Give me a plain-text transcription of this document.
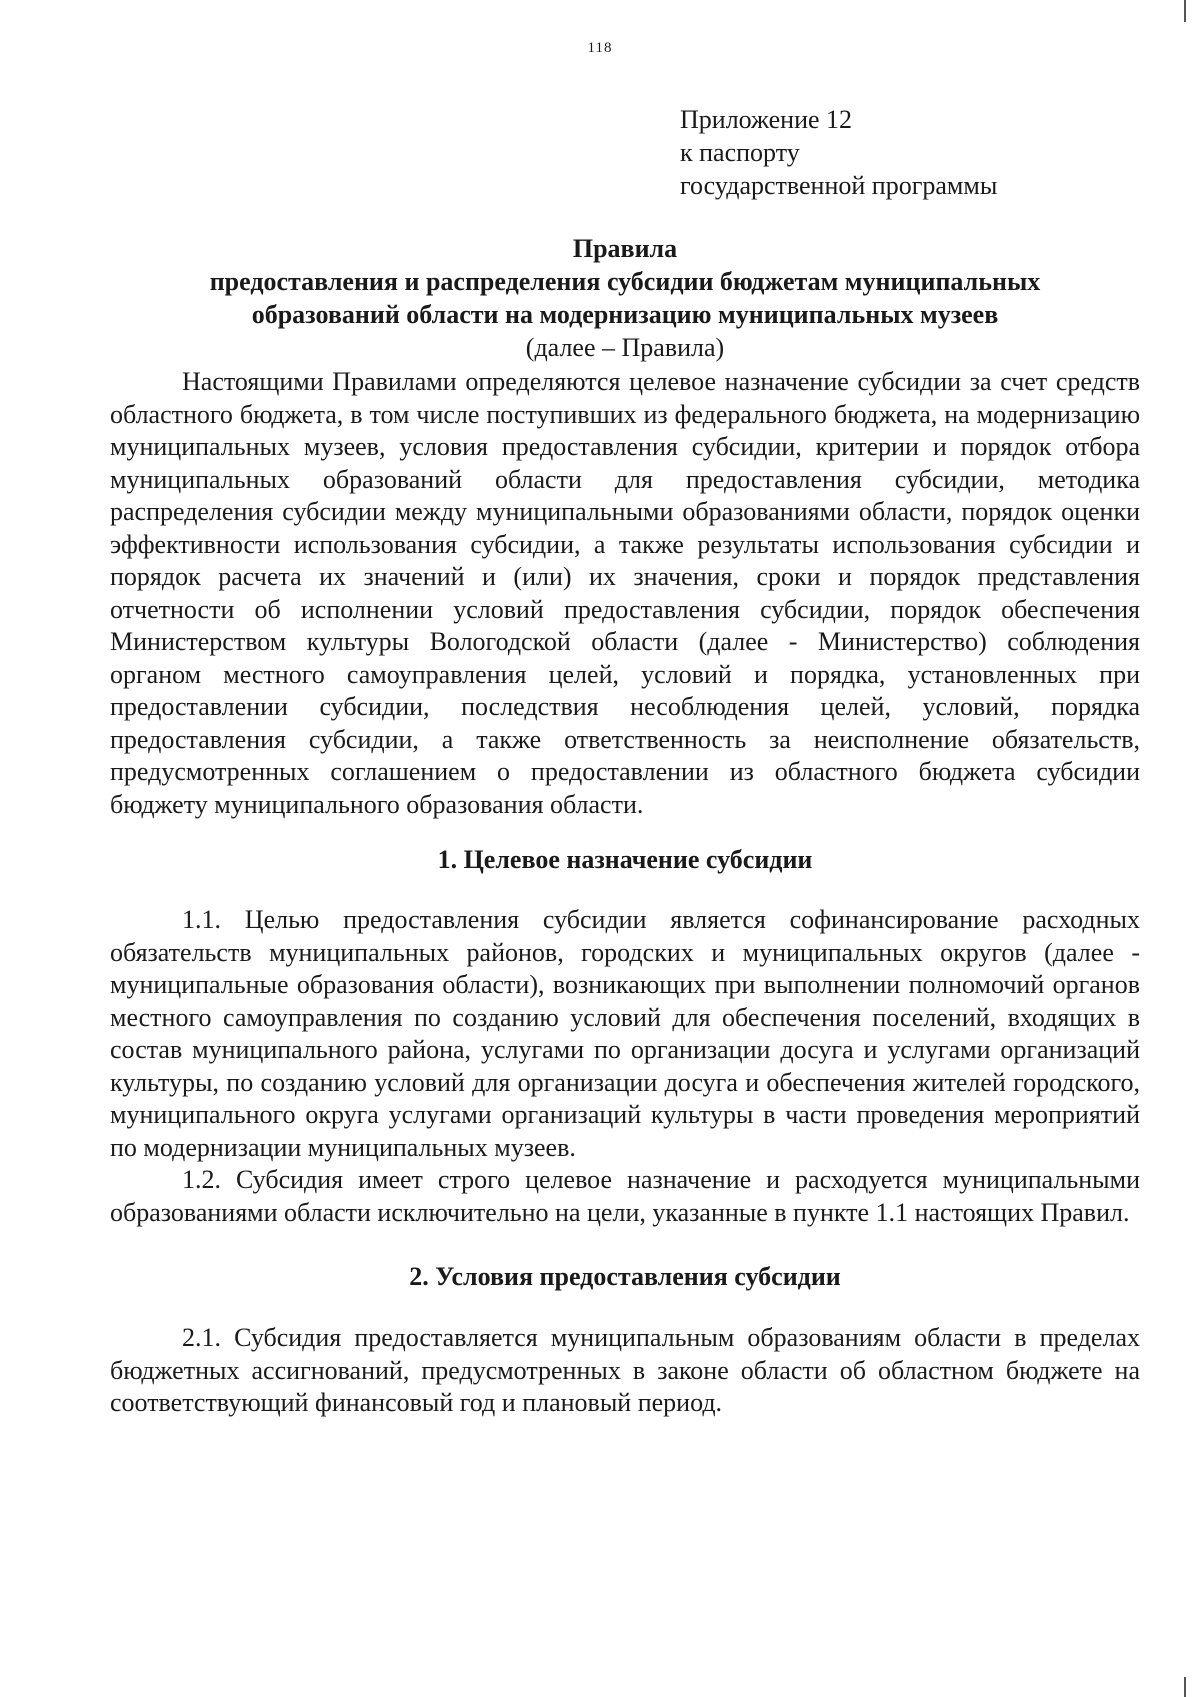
118
Приложение 12
к паспорту
государственной программы
Правила
предоставления и распределения субсидии бюджетам муниципальных
образований области на модернизацию муниципальных музеев
(далее – Правила)

Настоящими Правилами определяются целевое назначение субсидии за счет средств областного бюджета, в том числе поступивших из федерального бюджета, на модернизацию муниципальных музеев, условия предоставления субсидии, критерии и порядок отбора муниципальных образований области для предоставления субсидии, методика распределения субсидии между муниципальными образованиями области, порядок оценки эффективности использования субсидии, а также результаты использования субсидии и порядок расчета их значений и (или) их значения, сроки и порядок представления отчетности об исполнении условий предоставления субсидии, порядок обеспечения Министерством культуры Вологодской области (далее - Министерство) соблюдения органом местного самоуправления целей, условий и порядка, установленных при предоставлении субсидии, последствия несоблюдения целей, условий, порядка предоставления субсидии, а также ответственность за неисполнение обязательств, предусмотренных соглашением о предоставлении из областного бюджета субсидии бюджету муниципального образования области.

1. Целевое назначение субсидии

1.1. Целью предоставления субсидии является софинансирование расходных обязательств муниципальных районов, городских и муниципальных округов (далее - муниципальные образования области), возникающих при выполнении полномочий органов местного самоуправления по созданию условий для обеспечения поселений, входящих в состав муниципального района, услугами по организации досуга и услугами организаций культуры, по созданию условий для организации досуга и обеспечения жителей городского, муниципального округа услугами организаций культуры в части проведения мероприятий по модернизации муниципальных музеев.

1.2. Субсидия имеет строго целевое назначение и расходуется муниципальными образованиями области исключительно на цели, указанные в пункте 1.1 настоящих Правил.

2. Условия предоставления субсидии

2.1. Субсидия предоставляется муниципальным образованиям области в пределах бюджетных ассигнований, предусмотренных в законе области об областном бюджете на соответствующий финансовый год и плановый период.
